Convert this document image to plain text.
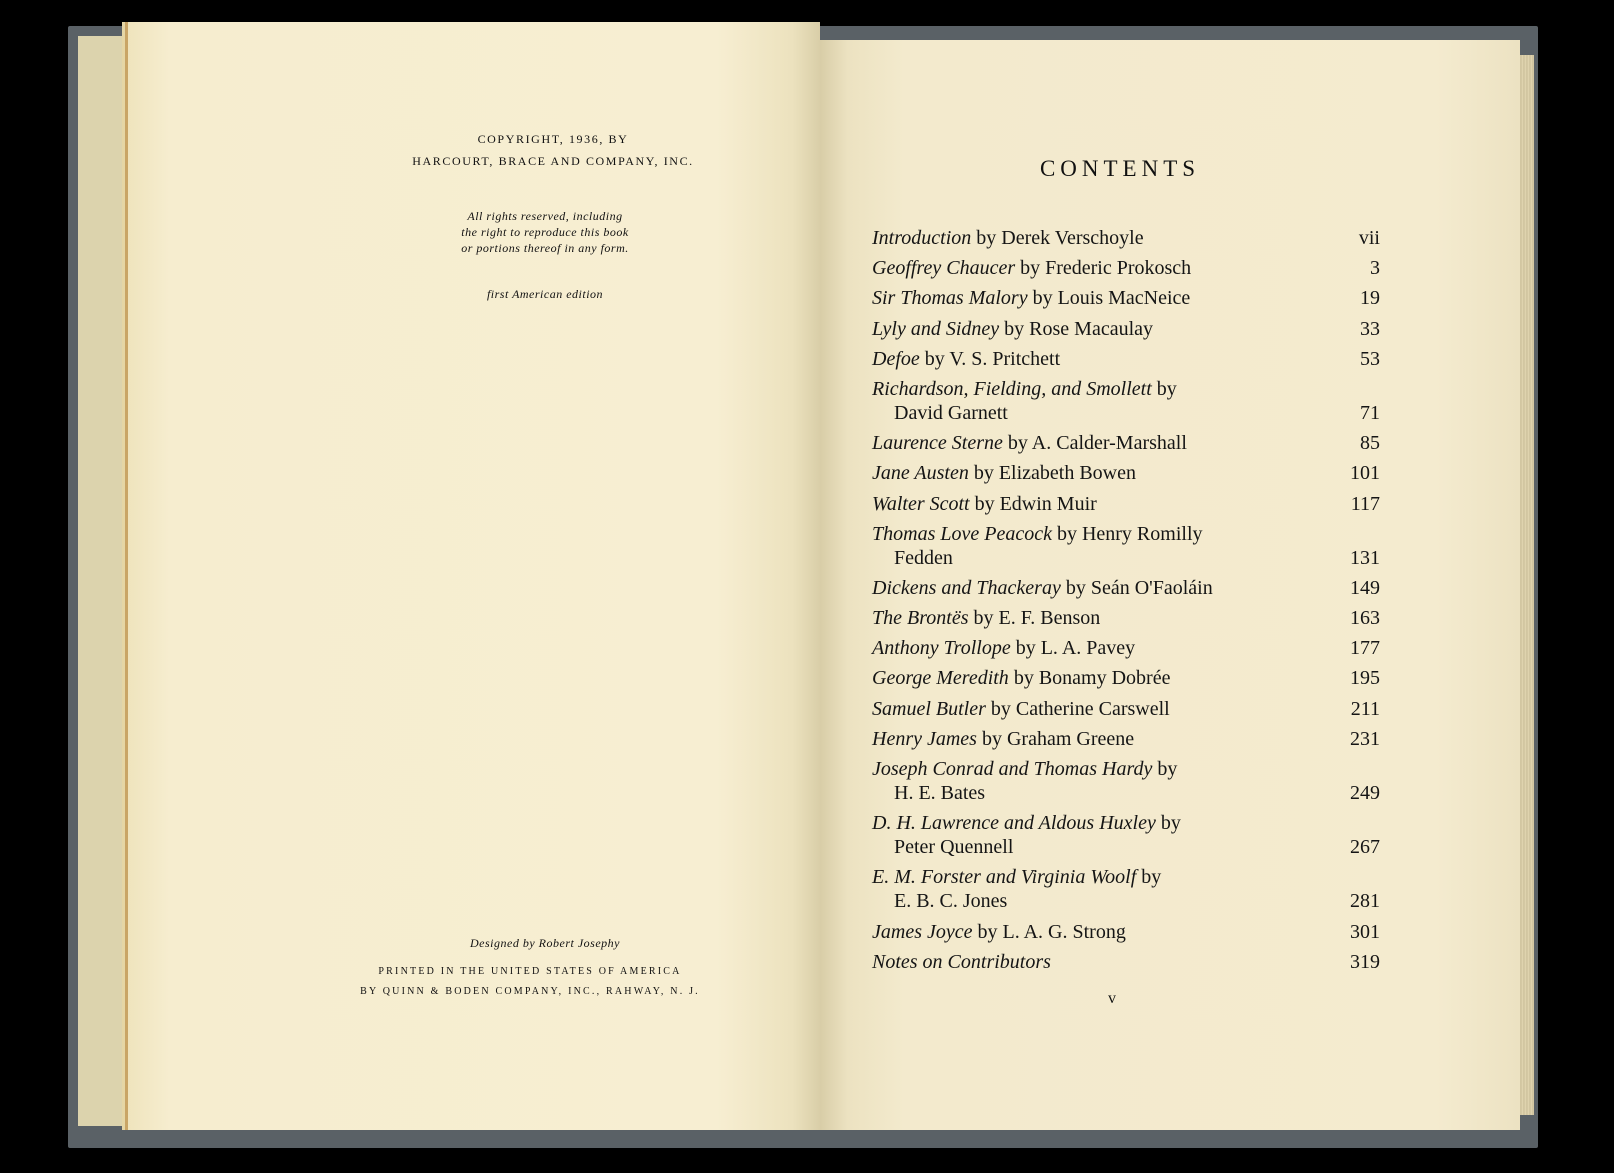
COPYRIGHT, 1936, BY
HARCOURT, BRACE AND COMPANY, INC.
All rights reserved, including
the right to reproduce this book
or portions thereof in any form.
first American edition
Designed by Robert Josephy
PRINTED IN THE UNITED STATES OF AMERICA
BY QUINN & BODEN COMPANY, INC., RAHWAY, N. J.
CONTENTS
Introduction by Derek Verschoyle	vii
Geoffrey Chaucer by Frederic Prokosch	3
Sir Thomas Malory by Louis MacNeice	19
Lyly and Sidney by Rose Macaulay	33
Defoe by V. S. Pritchett	53
Richardson, Fielding, and Smollett by
David Garnett	71
Laurence Sterne by A. Calder-Marshall	85
Jane Austen by Elizabeth Bowen	101
Walter Scott by Edwin Muir	117
Thomas Love Peacock by Henry Romilly
Fedden	131
Dickens and Thackeray by Seán O'Faoláin	149
The Brontës by E. F. Benson	163
Anthony Trollope by L. A. Pavey	177
George Meredith by Bonamy Dobrée	195
Samuel Butler by Catherine Carswell	211
Henry James by Graham Greene	231
Joseph Conrad and Thomas Hardy by
H. E. Bates	249
D. H. Lawrence and Aldous Huxley by
Peter Quennell	267
E. M. Forster and Virginia Woolf by
E. B. C. Jones	281
James Joyce by L. A. G. Strong	301
Notes on Contributors	319
v
